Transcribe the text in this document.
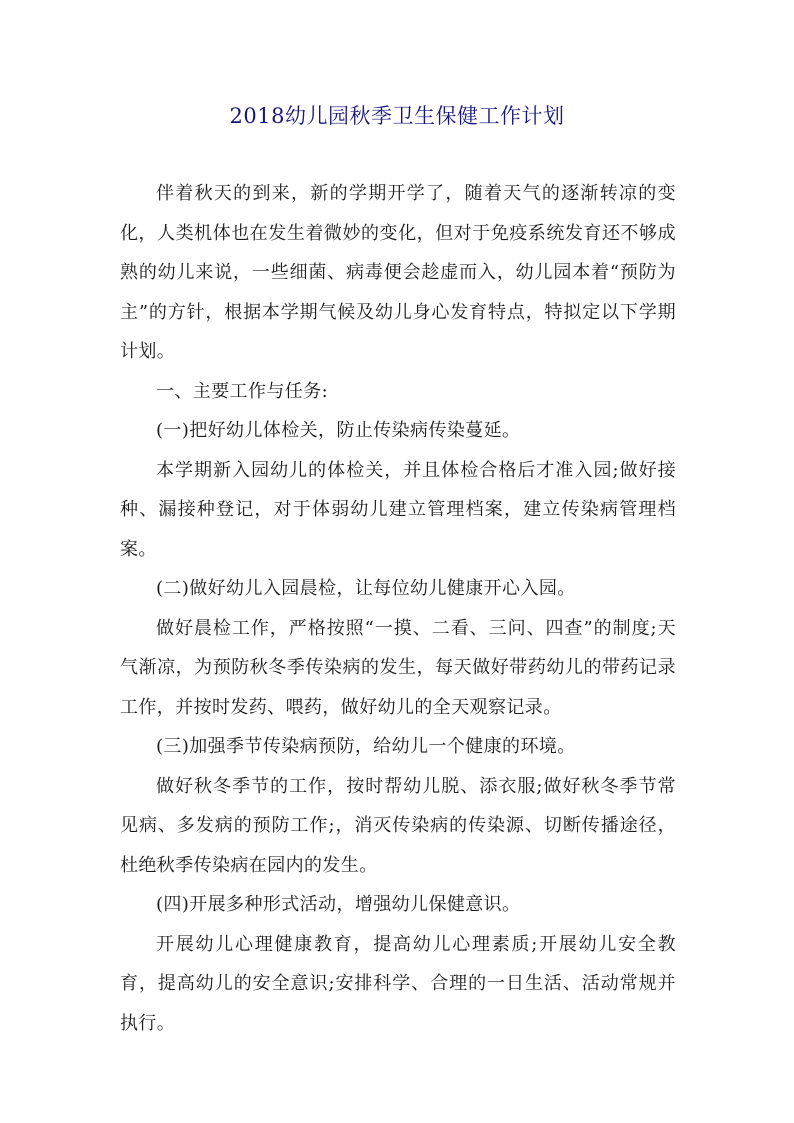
2018幼儿园秋季卫生保健工作计划

伴着秋天的到来，新的学期开学了，随着天气的逐渐转凉的变化，人类机体也在发生着微妙的变化，但对于免疫系统发育还不够成熟的幼儿来说，一些细菌、病毒便会趁虚而入，幼儿园本着“预防为主”的方针，根据本学期气候及幼儿身心发育特点，特拟定以下学期计划。

一、主要工作与任务:

(一)把好幼儿体检关，防止传染病传染蔓延。

本学期新入园幼儿的体检关，并且体检合格后才准入园;做好接种、漏接种登记，对于体弱幼儿建立管理档案，建立传染病管理档案。

(二)做好幼儿入园晨检，让每位幼儿健康开心入园。

做好晨检工作，严格按照“一摸、二看、三问、四查”的制度;天气渐凉，为预防秋冬季传染病的发生，每天做好带药幼儿的带药记录工作，并按时发药、喂药，做好幼儿的全天观察记录。

(三)加强季节传染病预防，给幼儿一个健康的环境。

做好秋冬季节的工作，按时帮幼儿脱、添衣服;做好秋冬季节常见病、多发病的预防工作;，消灭传染病的传染源、切断传播途径，杜绝秋季传染病在园内的发生。

(四)开展多种形式活动，增强幼儿保健意识。

开展幼儿心理健康教育，提高幼儿心理素质;开展幼儿安全教育，提高幼儿的安全意识;安排科学、合理的一日生活、活动常规并执行。
